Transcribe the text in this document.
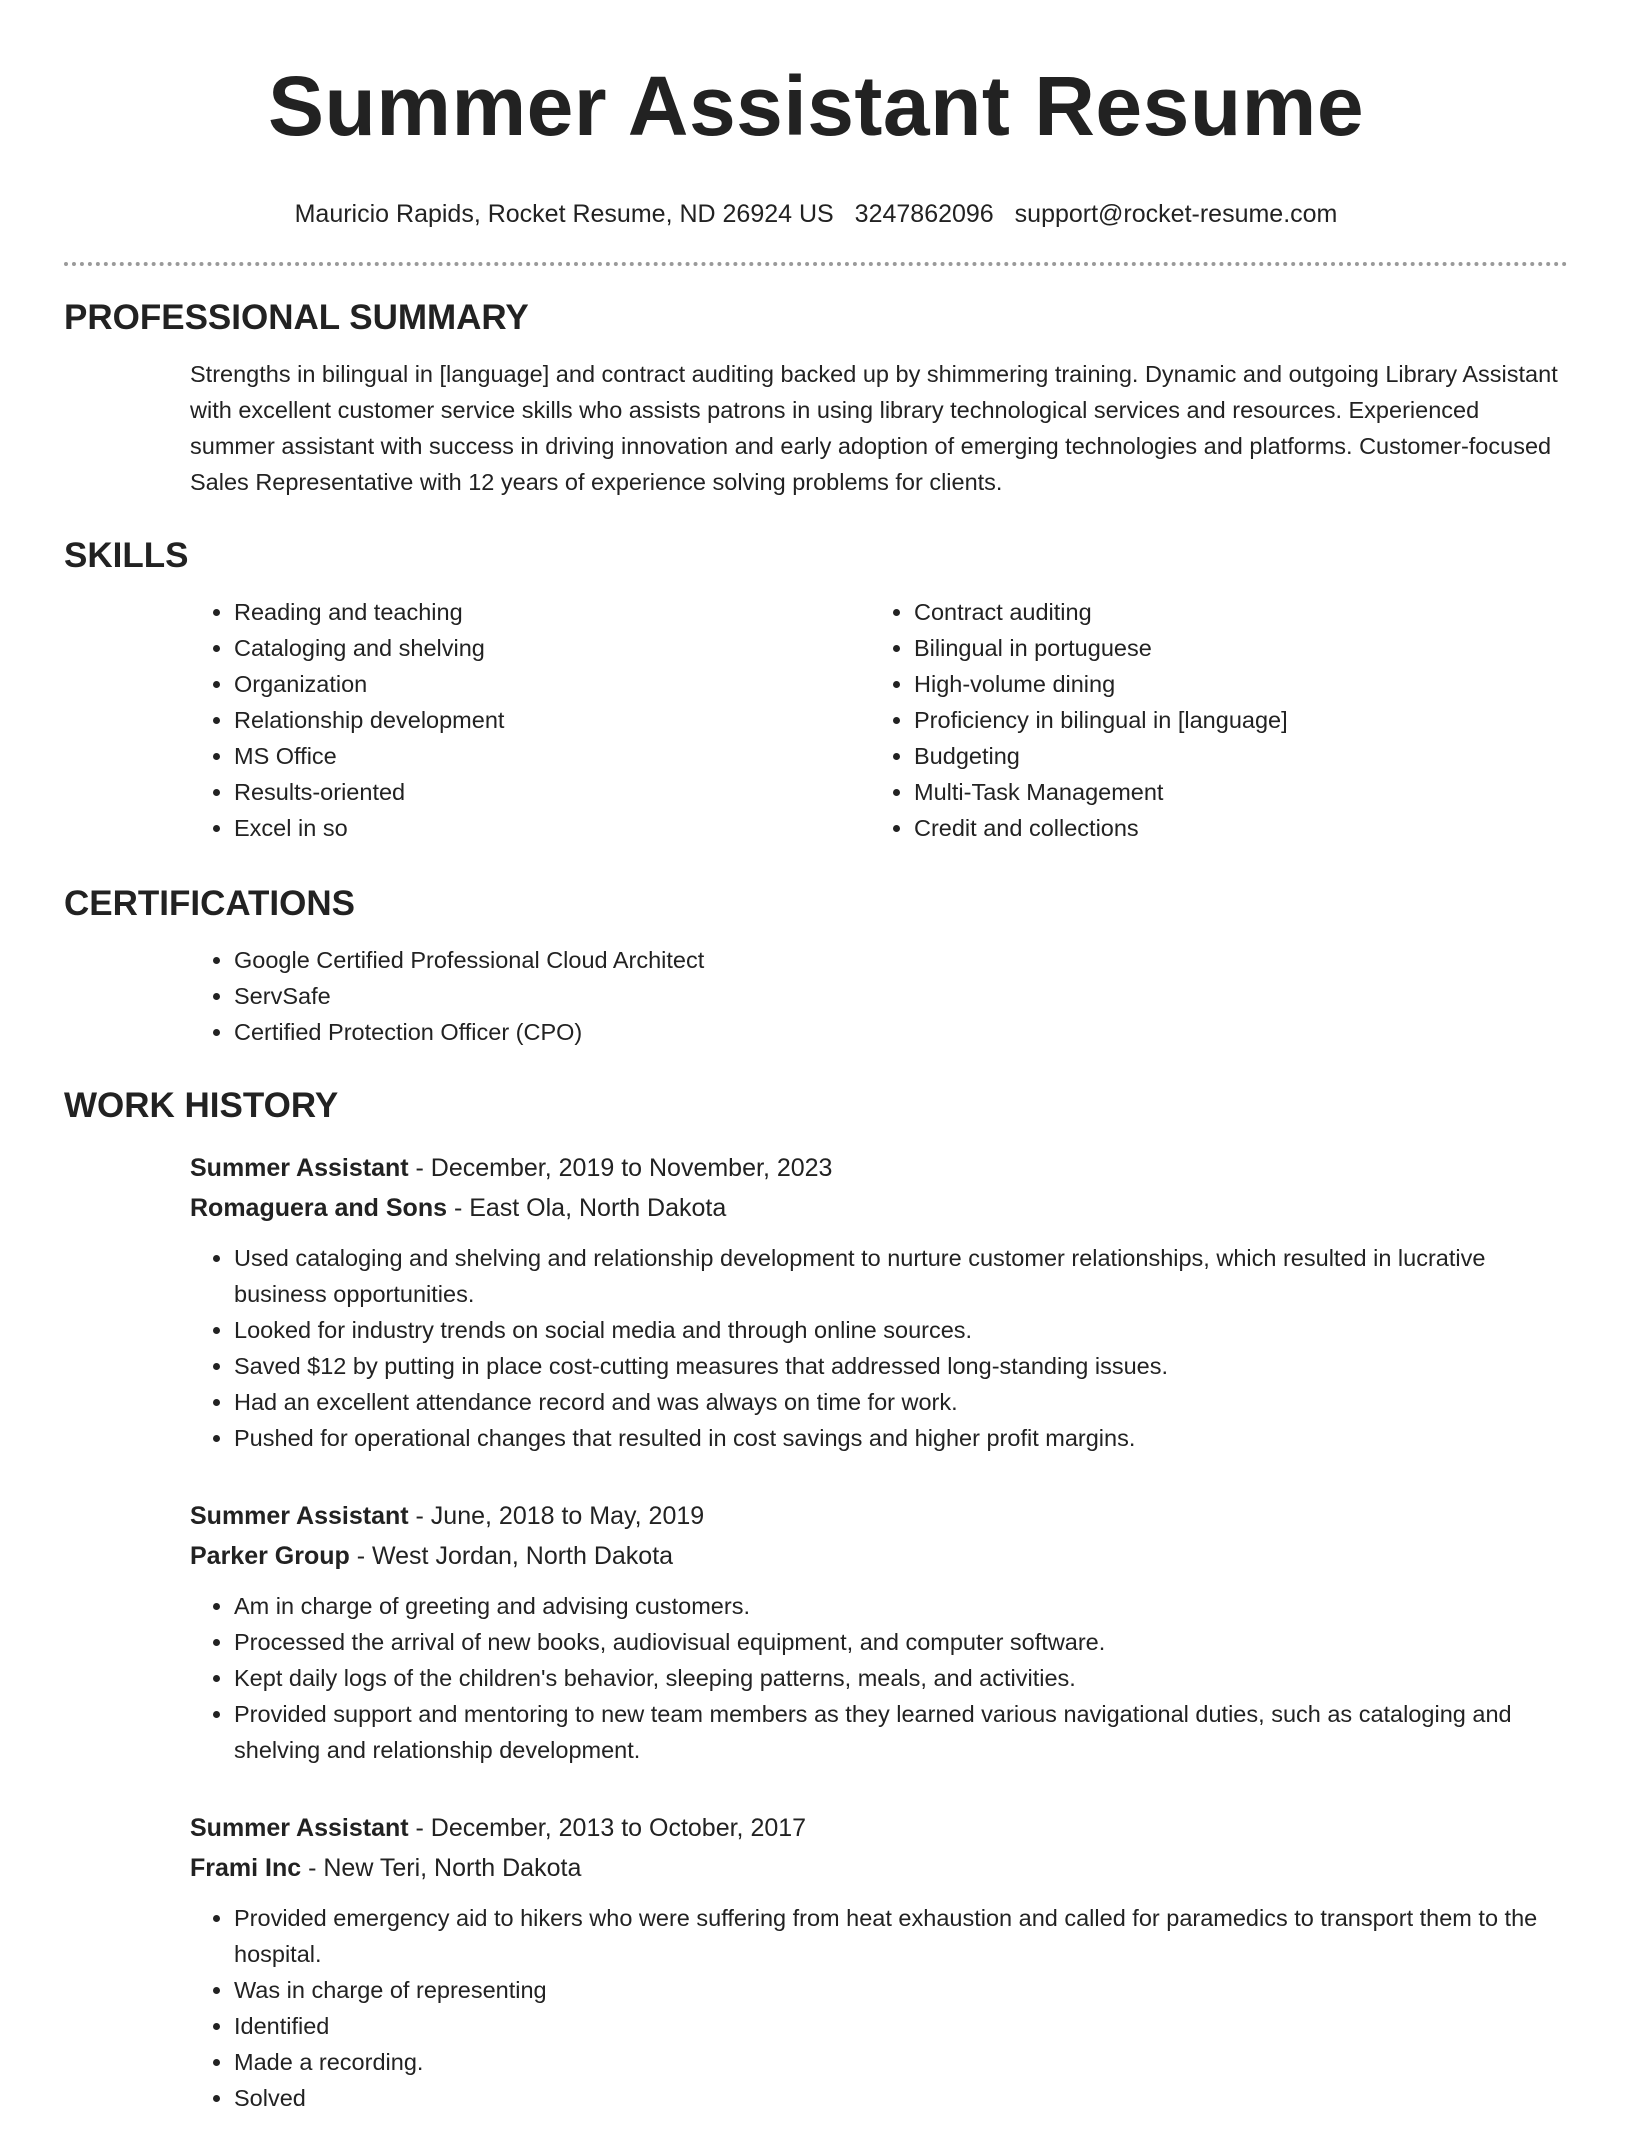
Summer Assistant Resume
Mauricio Rapids, Rocket Resume, ND 26924 US 3247862096 support@rocket-resume.com
PROFESSIONAL SUMMARY

Strengths in bilingual in [language] and contract auditing backed up by shimmering training. Dynamic and outgoing Library Assistant with excellent customer service skills who assists patrons in using library technological services and resources. Experienced summer assistant with success in driving innovation and early adoption of emerging technologies and platforms. Customer-focused Sales Representative with 12 years of experience solving problems for clients.

SKILLS
• Reading and teaching
• Cataloging and shelving
• Organization
• Relationship development
• MS Office
• Results-oriented
• Excel in so
• Contract auditing
• Bilingual in portuguese
• High-volume dining
• Proficiency in bilingual in [language]
• Budgeting
• Multi-Task Management
• Credit and collections
CERTIFICATIONS
• Google Certified Professional Cloud Architect
• ServSafe
• Certified Protection Officer (CPO)
WORK HISTORY
Summer Assistant - December, 2019 to November, 2023
Romaguera and Sons - East Ola, North Dakota
• Used cataloging and shelving and relationship development to nurture customer relationships, which resulted in lucrative business opportunities.
• Looked for industry trends on social media and through online sources.
• Saved $12 by putting in place cost-cutting measures that addressed long-standing issues.
• Had an excellent attendance record and was always on time for work.
• Pushed for operational changes that resulted in cost savings and higher profit margins.
Summer Assistant - June, 2018 to May, 2019
Parker Group - West Jordan, North Dakota
• Am in charge of greeting and advising customers.
• Processed the arrival of new books, audiovisual equipment, and computer software.
• Kept daily logs of the children's behavior, sleeping patterns, meals, and activities.
• Provided support and mentoring to new team members as they learned various navigational duties, such as cataloging and shelving and relationship development.
Summer Assistant - December, 2013 to October, 2017
Frami Inc - New Teri, North Dakota
• Provided emergency aid to hikers who were suffering from heat exhaustion and called for paramedics to transport them to the hospital.
• Was in charge of representing
• Identified
• Made a recording.
• Solved
